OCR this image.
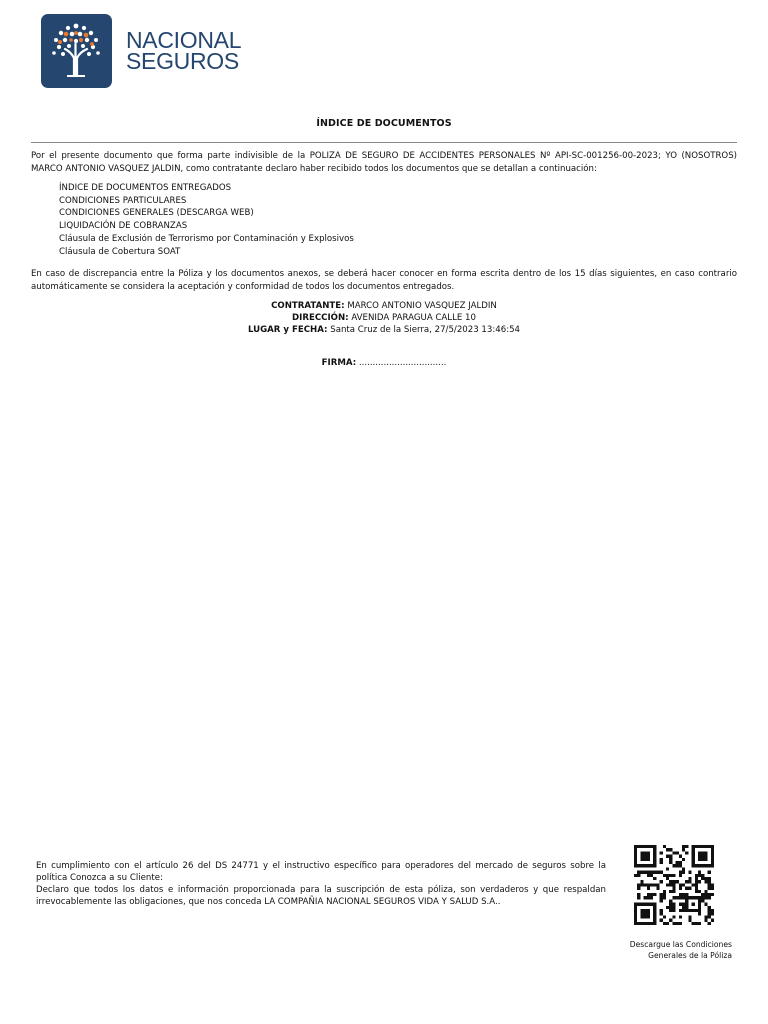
NACIONAL
SEGUROS
ÍNDICE DE DOCUMENTOS
Por el presente documento que forma parte indivisible de la POLIZA DE SEGURO DE ACCIDENTES PERSONALES Nº API-SC-001256-00-2023; YO (NOSOTROS) MARCO ANTONIO VASQUEZ JALDIN, como contratante declaro haber recibido todos los documentos que se detallan a continuación:
ÍNDICE DE DOCUMENTOS ENTREGADOS
CONDICIONES PARTICULARES
CONDICIONES GENERALES (DESCARGA WEB)
LIQUIDACIÓN DE COBRANZAS
Cláusula de Exclusión de Terrorismo por Contaminación y Explosivos
Cláusula de Cobertura SOAT
En caso de discrepancia entre la Póliza y los documentos anexos, se deberá hacer conocer en forma escrita dentro de los 15 días siguientes, en caso contrario automáticamente se considera la aceptación y conformidad de todos los documentos entregados.
CONTRATANTE: MARCO ANTONIO VASQUEZ JALDIN
DIRECCIÓN: AVENIDA PARAGUA CALLE 10
LUGAR y FECHA: Santa Cruz de la Sierra, 27/5/2023 13:46:54
FIRMA: ................................
En cumplimiento con el artículo 26 del DS 24771 y el instructivo específico para operadores del mercado de seguros sobre la política Conozca a su Cliente:
Declaro que todos los datos e información proporcionada para la suscripción de esta póliza, son verdaderos y que respaldan irrevocablemente las obligaciones, que nos conceda LA COMPAÑIA NACIONAL SEGUROS VIDA Y SALUD S.A..
Descargue las Condiciones
Generales de la Póliza
